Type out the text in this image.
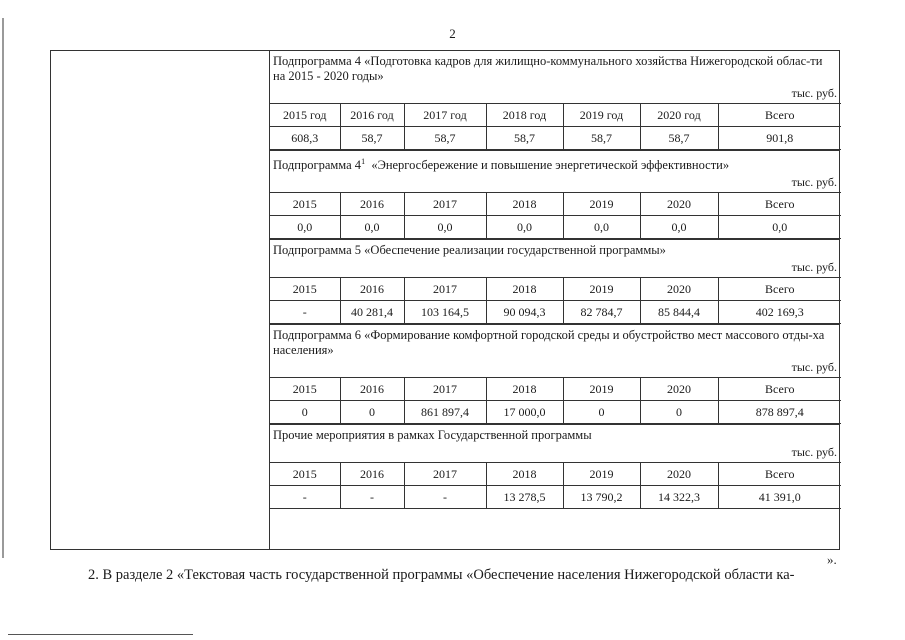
2
Подпрограмма 4 «Подготовка кадров для жилищно-коммунального хозяйства Нижегородской облас-ти на 2015 - 2020 годы»
тыс. руб.
2015 год	2016 год	2017 год	2018 год	2019 год	2020 год	Всего
608,3	58,7	58,7	58,7	58,7	58,7	901,8
Подпрограмма $4^1$  «Энергосбережение и повышение энергетической эффективности»
тыс. руб.
2015	2016	2017	2018	2019	2020	Всего
0,0	0,0	0,0	0,0	0,0	0,0	0,0
Подпрограмма 5 «Обеспечение реализации государственной программы»
тыс. руб.
2015	2016	2017	2018	2019	2020	Всего
-	40 281,4	103 164,5	90 094,3	82 784,7	85 844,4	402 169,3
Подпрограмма 6 «Формирование комфортной городской среды и обустройство мест массового отды-ха населения»
тыс. руб.
2015	2016	2017	2018	2019	2020	Всего
0	0	861 897,4	17 000,0	0	0	878 897,4
Прочие мероприятия в рамках Государственной программы
тыс. руб.
2015	2016	2017	2018	2019	2020	Всего
-	-	-	13 278,5	13 790,2	14 322,3	41 391,0
».
2. В разделе 2 «Текстовая часть государственной программы «Обеспечение населения Нижегородской области ка-
